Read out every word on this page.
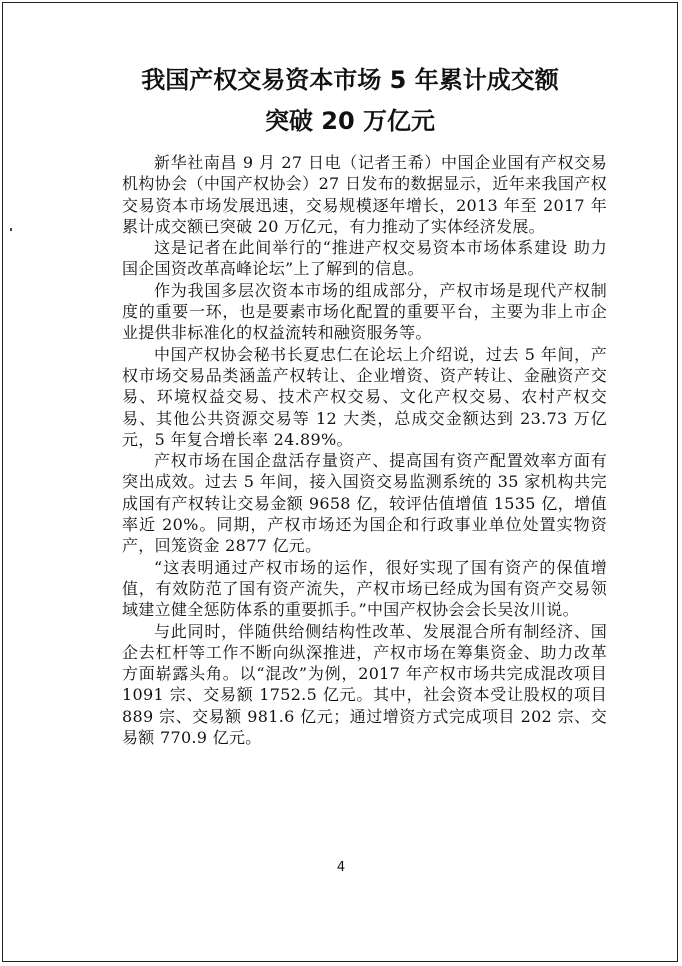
我国产权交易资本市场 5 年累计成交额
突破 20 万亿元

新华社南昌 9 月 27 日电（记者王希）中国企业国有产权交易机构协会（中国产权协会）27 日发布的数据显示，近年来我国产权交易资本市场发展迅速，交易规模逐年增长，2013 年至 2017 年累计成交额已突破 20 万亿元，有力推动了实体经济发展。

这是记者在此间举行的“推进产权交易资本市场体系建设 助力国企国资改革高峰论坛”上了解到的信息。

作为我国多层次资本市场的组成部分，产权市场是现代产权制度的重要一环，也是要素市场化配置的重要平台，主要为非上市企业提供非标准化的权益流转和融资服务等。

中国产权协会秘书长夏忠仁在论坛上介绍说，过去 5 年间，产权市场交易品类涵盖产权转让、企业增资、资产转让、金融资产交易、环境权益交易、技术产权交易、文化产权交易、农村产权交易、其他公共资源交易等 12 大类，总成交金额达到 23.73 万亿元，5 年复合增长率 24.89%。

产权市场在国企盘活存量资产、提高国有资产配置效率方面有突出成效。过去 5 年间，接入国资交易监测系统的 35 家机构共完成国有产权转让交易金额 9658 亿，较评估值增值 1535 亿，增值率近 20%。同期，产权市场还为国企和行政事业单位处置实物资产，回笼资金 2877 亿元。

“这表明通过产权市场的运作，很好实现了国有资产的保值增值，有效防范了国有资产流失，产权市场已经成为国有资产交易领域建立健全惩防体系的重要抓手。”中国产权协会会长吴汝川说。

与此同时，伴随供给侧结构性改革、发展混合所有制经济、国企去杠杆等工作不断向纵深推进，产权市场在筹集资金、助力改革方面崭露头角。以“混改”为例，2017 年产权市场共完成混改项目 1091 宗、交易额 1752.5 亿元。其中，社会资本受让股权的项目 889 宗、交易额 981.6 亿元；通过增资方式完成项目 202 宗、交易额 770.9 亿元。

4
